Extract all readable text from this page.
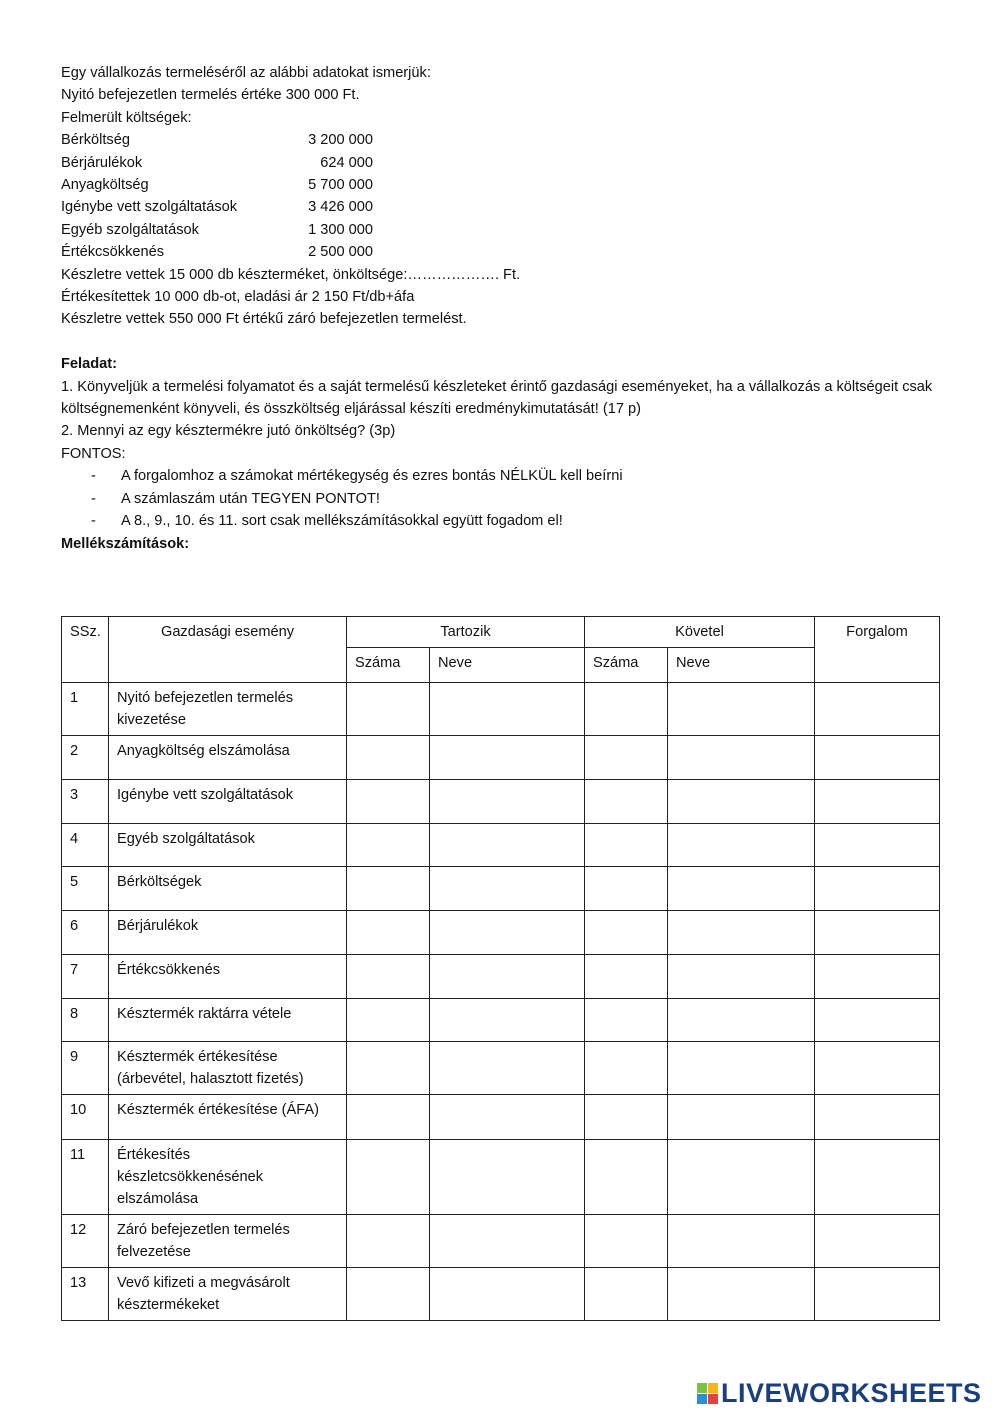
Egy vállalkozás termeléséről az alábbi adatokat ismerjük:
Nyitó befejezetlen termelés értéke 300 000 Ft.
Felmerült költségek:
Bérköltség	3 200 000
Bérjárulékok	624 000
Anyagköltség	5 700 000
Igénybe vett szolgáltatások	3 426 000
Egyéb szolgáltatások	1 300 000
Értékcsökkenés	2 500 000
Készletre vettek 15 000 db készterméket, önköltsége:………………. Ft.
Értékesítettek 10 000 db-ot, eladási ár 2 150 Ft/db+áfa
Készletre vettek 550 000 Ft értékű záró befejezetlen termelést.
Feladat:
1. Könyveljük a termelési folyamatot és a saját termelésű készleteket érintő gazdasági eseményeket, ha a vállalkozás a költségeit csak költségnemenként könyveli, és összköltség eljárással készíti eredménykimutatását! (17 p)
2. Mennyi az egy késztermékre jutó önköltség? (3p)
FONTOS:
- A forgalomhoz a számokat mértékegység és ezres bontás NÉLKÜL kell beírni
- A számlaszám után TEGYEN PONTOT!
- A 8., 9., 10. és 11. sort csak mellékszámításokkal együtt fogadom el!
Mellékszámítások:
SSz.	Gazdasági esemény	Tartozik		Követel		Forgalom
		Száma	Neve	Száma	Neve	
1	Nyitó befejezetlen termelés kivezetése					
2	Anyagköltség elszámolása					
3	Igénybe vett szolgáltatások					
4	Egyéb szolgáltatások					
5	Bérköltségek					
6	Bérjárulékok					
7	Értékcsökkenés					
8	Késztermék raktárra vétele					
9	Késztermék értékesítése (árbevétel, halasztott fizetés)					
10	Késztermék értékesítése (ÁFA)					
11	Értékesítés készletcsökkenésének elszámolása					
12	Záró befejezetlen termelés felvezetése					
13	Vevő kifizeti a megvásárolt késztermékeket					
LIVEWORKSHEETS
